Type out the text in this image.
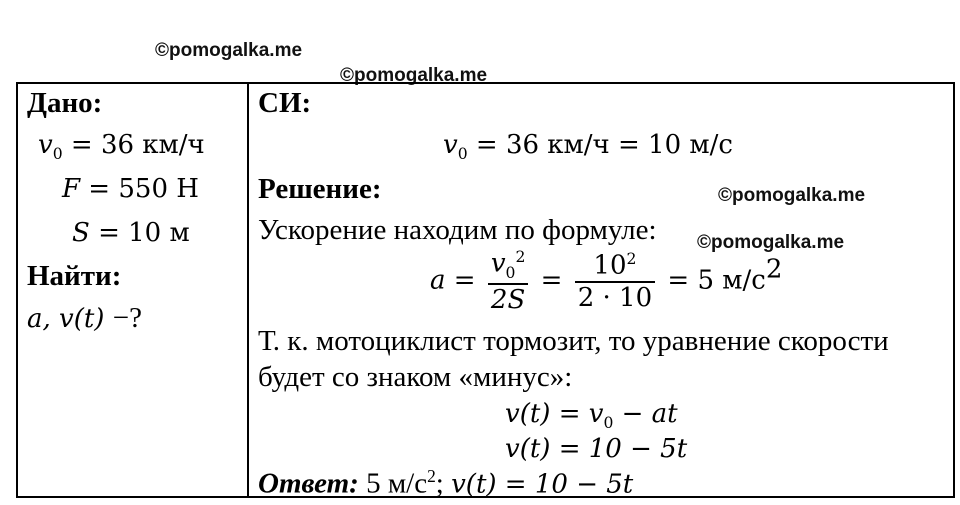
©pomogalka.me
©pomogalka.me
©pomogalka.me
©pomogalka.me
Дано:
$v_0 = 36$ км/ч
F = 550 Н
S = 10 м
Найти:
a, v(t) −?
СИ:
$v_0 = 36$ км/ч = 10 м/с
Решение:
Ускорение находим по формуле:
$a = \frac{v_0^2}{2S} = \frac{10^2}{2 \cdot 10} = 5$ $м/с^2$
Т. к. мотоциклист тормозит, то уравнение скорости
будет со знаком «минус»:
$v(t) = v_0$ − at
v(t) = 10 − 5t
Ответ: 5 $м/с^2$; v(t) = 10 − 5t
